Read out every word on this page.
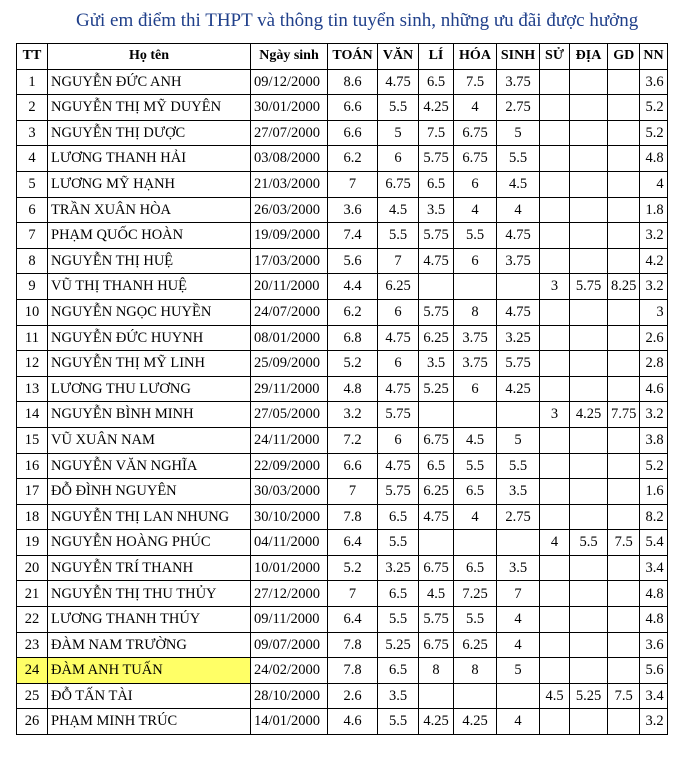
Gửi em điểm thi THPT và thông tin tuyển sinh, những ưu đãi được hưởng
TT	Họ tên	Ngày sinh	TOÁN	VĂN	LÍ	HÓA	SINH	SỬ	ĐỊA	GD	NN
1	NGUYỄN ĐỨC ANH	09/12/2000	8.6	4.75	6.5	7.5	3.75				3.6
2	NGUYỄN THỊ MỸ DUYÊN	30/01/2000	6.6	5.5	4.25	4	2.75				5.2
3	NGUYỄN THỊ DƯỢC	27/07/2000	6.6	5	7.5	6.75	5				5.2
4	LƯƠNG THANH HẢI	03/08/2000	6.2	6	5.75	6.75	5.5				4.8
5	LƯƠNG MỸ HẠNH	21/03/2000	7	6.75	6.5	6	4.5				4
6	TRẦN XUÂN HÒA	26/03/2000	3.6	4.5	3.5	4	4				1.8
7	PHẠM QUỐC HOÀN	19/09/2000	7.4	5.5	5.75	5.5	4.75				3.2
8	NGUYỄN THỊ HUỆ	17/03/2000	5.6	7	4.75	6	3.75				4.2
9	VŨ THỊ THANH HUỆ	20/11/2000	4.4	6.25				3	5.75	8.25	3.2
10	NGUYỄN NGỌC HUYỀN	24/07/2000	6.2	6	5.75	8	4.75				3
11	NGUYỄN ĐỨC HUYNH	08/01/2000	6.8	4.75	6.25	3.75	3.25				2.6
12	NGUYỄN THỊ MỸ LINH	25/09/2000	5.2	6	3.5	3.75	5.75				2.8
13	LƯƠNG THU LƯƠNG	29/11/2000	4.8	4.75	5.25	6	4.25				4.6
14	NGUYỄN BÌNH MINH	27/05/2000	3.2	5.75				3	4.25	7.75	3.2
15	VŨ XUÂN NAM	24/11/2000	7.2	6	6.75	4.5	5				3.8
16	NGUYỄN VĂN NGHĨA	22/09/2000	6.6	4.75	6.5	5.5	5.5				5.2
17	ĐỖ ĐÌNH NGUYÊN	30/03/2000	7	5.75	6.25	6.5	3.5				1.6
18	NGUYỄN THỊ LAN NHUNG	30/10/2000	7.8	6.5	4.75	4	2.75				8.2
19	NGUYỄN HOÀNG PHÚC	04/11/2000	6.4	5.5				4	5.5	7.5	5.4
20	NGUYỄN TRÍ THANH	10/01/2000	5.2	3.25	6.75	6.5	3.5				3.4
21	NGUYỄN THỊ THU THỦY	27/12/2000	7	6.5	4.5	7.25	7				4.8
22	LƯƠNG THANH THÚY	09/11/2000	6.4	5.5	5.75	5.5	4				4.8
23	ĐÀM NAM TRƯỜNG	09/07/2000	7.8	5.25	6.75	6.25	4				3.6
24	ĐÀM ANH TUẤN	24/02/2000	7.8	6.5	8	8	5				5.6
25	ĐỖ TẤN TÀI	28/10/2000	2.6	3.5				4.5	5.25	7.5	3.4
26	PHẠM MINH TRÚC	14/01/2000	4.6	5.5	4.25	4.25	4				3.2
